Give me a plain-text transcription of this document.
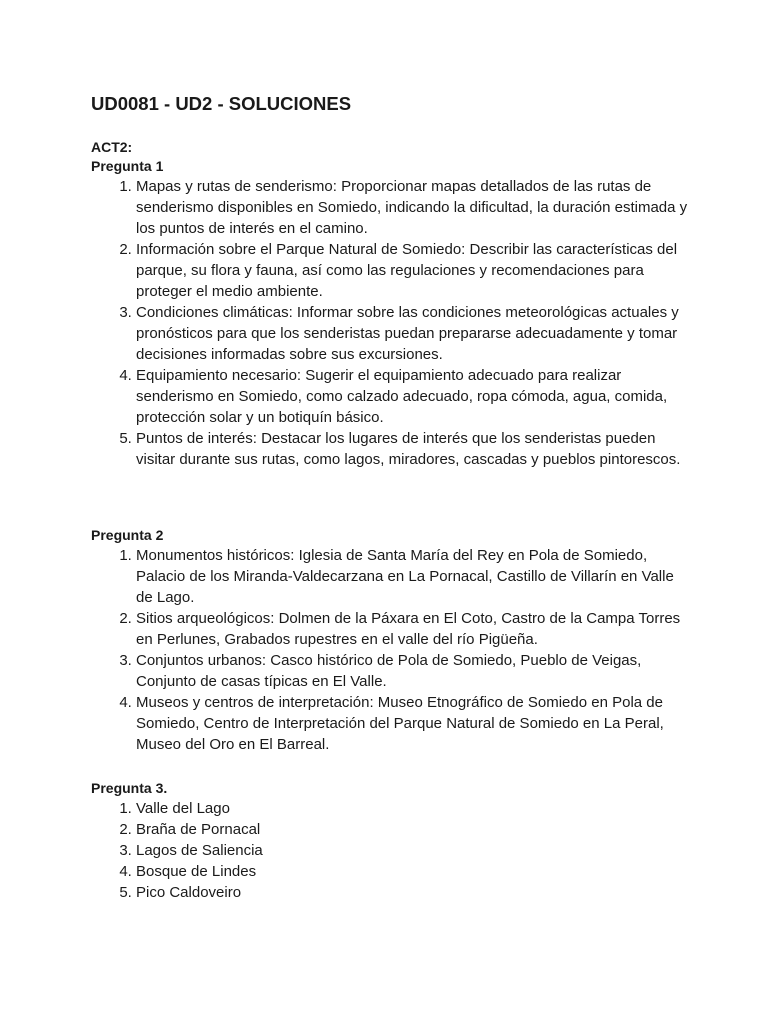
UD0081 - UD2 - SOLUCIONES

ACT2:

Pregunta 1

1. Mapas y rutas de senderismo: Proporcionar mapas detallados de las rutas de senderismo disponibles en Somiedo, indicando la dificultad, la duración estimada y los puntos de interés en el camino.
2. Información sobre el Parque Natural de Somiedo: Describir las características del parque, su flora y fauna, así como las regulaciones y recomendaciones para proteger el medio ambiente.
3. Condiciones climáticas: Informar sobre las condiciones meteorológicas actuales y pronósticos para que los senderistas puedan prepararse adecuadamente y tomar decisiones informadas sobre sus excursiones.
4. Equipamiento necesario: Sugerir el equipamiento adecuado para realizar senderismo en Somiedo, como calzado adecuado, ropa cómoda, agua, comida, protección solar y un botiquín básico.
5. Puntos de interés: Destacar los lugares de interés que los senderistas pueden visitar durante sus rutas, como lagos, miradores, cascadas y pueblos pintorescos.

Pregunta 2

1. Monumentos históricos: Iglesia de Santa María del Rey en Pola de Somiedo, Palacio de los Miranda-Valdecarzana en La Pornacal, Castillo de Villarín en Valle de Lago.
2. Sitios arqueológicos: Dolmen de la Páxara en El Coto, Castro de la Campa Torres en Perlunes, Grabados rupestres en el valle del río Pigüeña.
3. Conjuntos urbanos: Casco histórico de Pola de Somiedo, Pueblo de Veigas, Conjunto de casas típicas en El Valle.
4. Museos y centros de interpretación: Museo Etnográfico de Somiedo en Pola de Somiedo, Centro de Interpretación del Parque Natural de Somiedo en La Peral, Museo del Oro en El Barreal.

Pregunta 3.

1. Valle del Lago
2. Braña de Pornacal
3. Lagos de Saliencia
4. Bosque de Lindes
5. Pico Caldoveiro
